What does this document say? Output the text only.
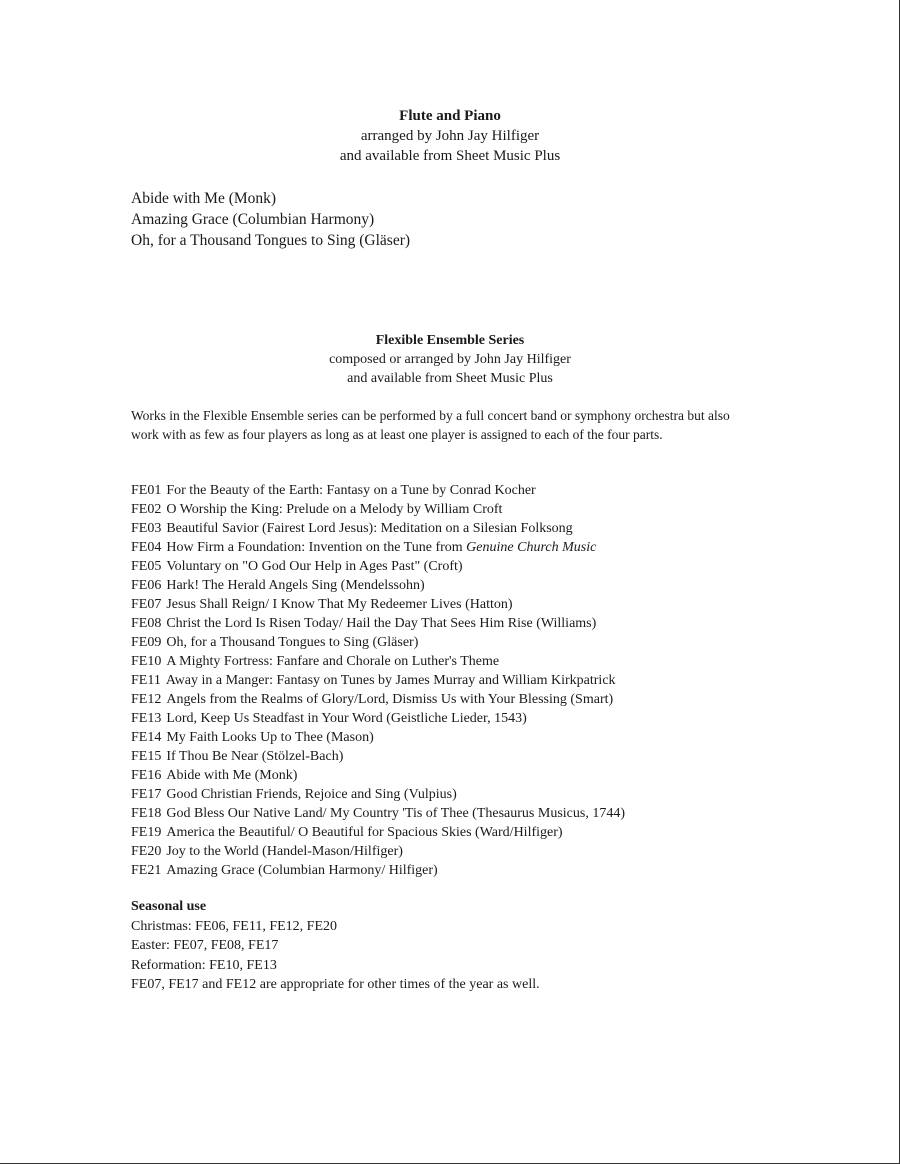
Flute and Piano
arranged by John Jay Hilfiger
and available from Sheet Music Plus
Abide with Me (Monk)
Amazing Grace (Columbian Harmony)
Oh, for a Thousand Tongues to Sing (Gläser)
Flexible Ensemble Series
composed or arranged by John Jay Hilfiger
and available from Sheet Music Plus
Works in the Flexible Ensemble series can be performed by a full concert band or symphony orchestra but also work with as few as four players as long as at least one player is assigned to each of the four parts.
FE01 For the Beauty of the Earth: Fantasy on a Tune by Conrad Kocher
FE02 O Worship the King: Prelude on a Melody by William Croft
FE03 Beautiful Savior (Fairest Lord Jesus): Meditation on a Silesian Folksong
FE04 How Firm a Foundation: Invention on the Tune from Genuine Church Music
FE05 Voluntary on "O God Our Help in Ages Past" (Croft)
FE06 Hark! The Herald Angels Sing (Mendelssohn)
FE07 Jesus Shall Reign/ I Know That My Redeemer Lives (Hatton)
FE08 Christ the Lord Is Risen Today/ Hail the Day That Sees Him Rise (Williams)
FE09 Oh, for a Thousand Tongues to Sing (Gläser)
FE10 A Mighty Fortress: Fanfare and Chorale on Luther's Theme
FE11 Away in a Manger: Fantasy on Tunes by James Murray and William Kirkpatrick
FE12 Angels from the Realms of Glory/Lord, Dismiss Us with Your Blessing (Smart)
FE13 Lord, Keep Us Steadfast in Your Word (Geistliche Lieder, 1543)
FE14 My Faith Looks Up to Thee (Mason)
FE15 If Thou Be Near (Stölzel-Bach)
FE16 Abide with Me (Monk)
FE17 Good Christian Friends, Rejoice and Sing (Vulpius)
FE18 God Bless Our Native Land/ My Country 'Tis of Thee (Thesaurus Musicus, 1744)
FE19 America the Beautiful/ O Beautiful for Spacious Skies (Ward/Hilfiger)
FE20 Joy to the World (Handel-Mason/Hilfiger)
FE21 Amazing Grace (Columbian Harmony/ Hilfiger)
Seasonal use
Christmas: FE06, FE11, FE12, FE20
Easter: FE07, FE08, FE17
Reformation: FE10, FE13
FE07, FE17 and FE12 are appropriate for other times of the year as well.
